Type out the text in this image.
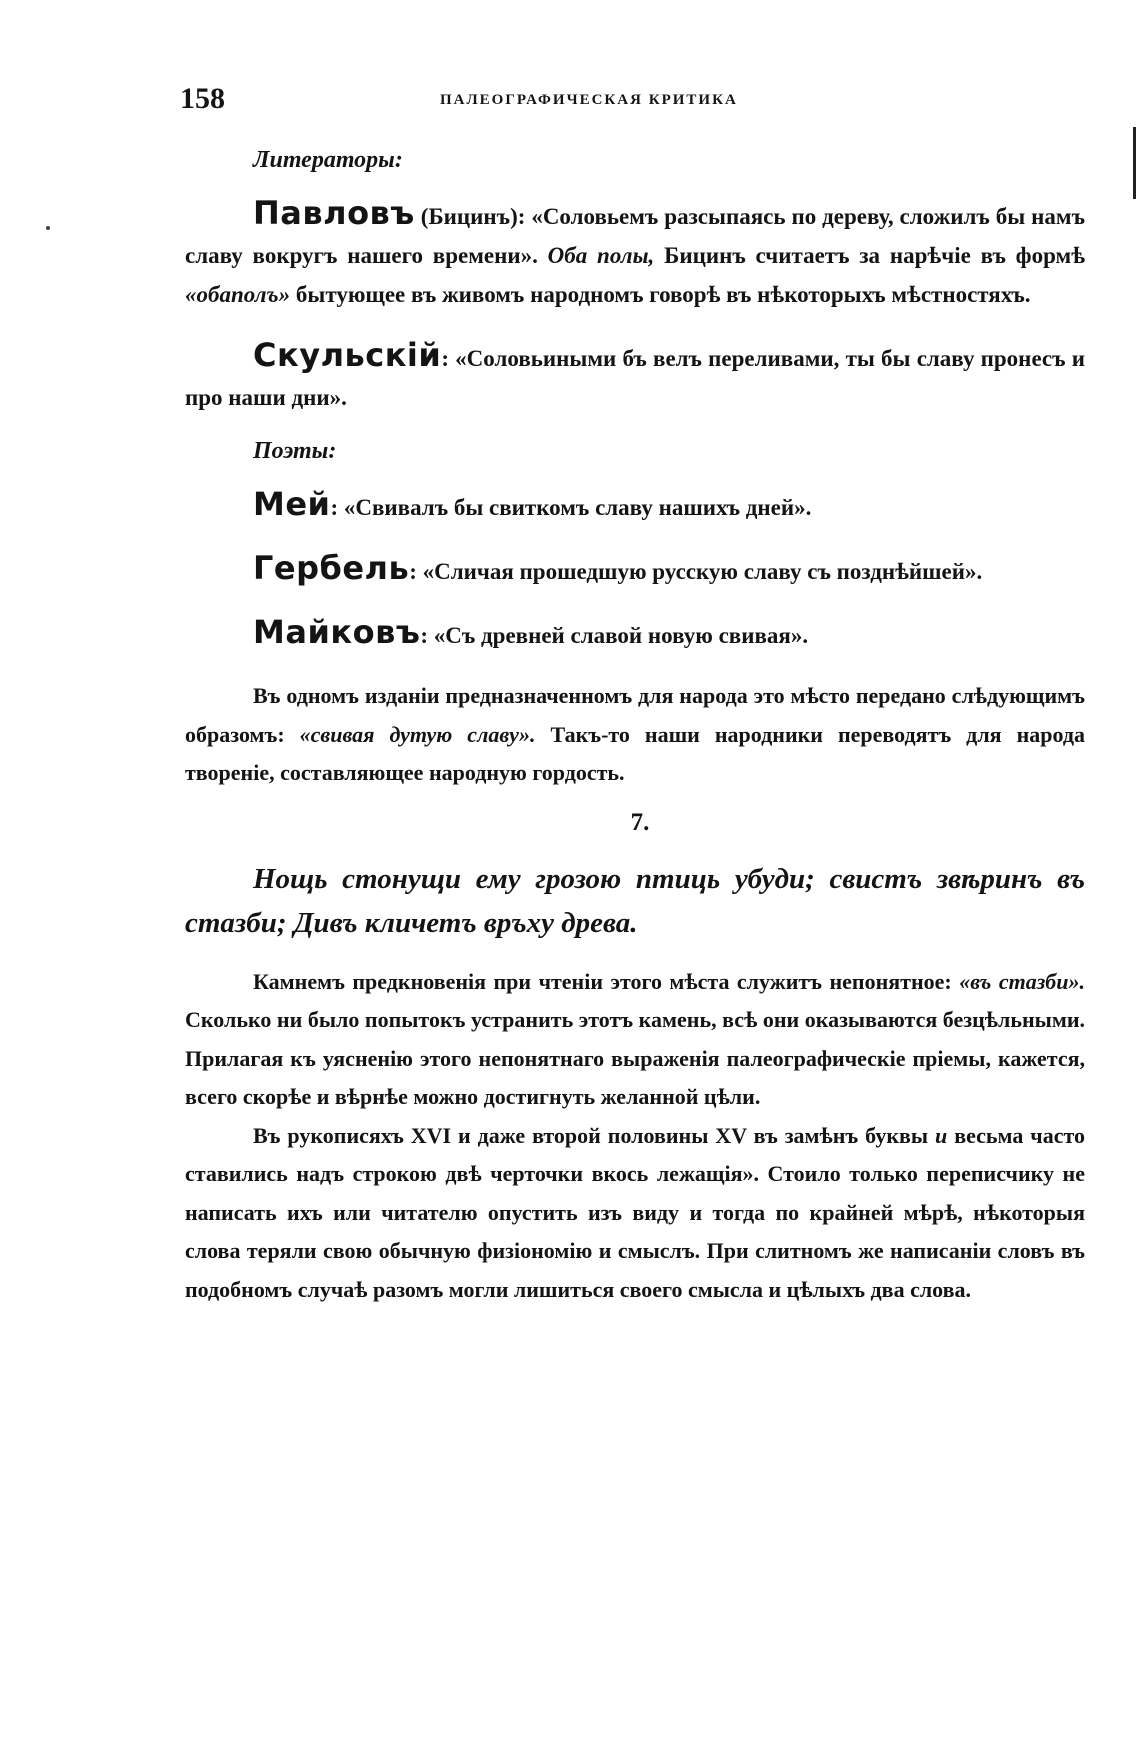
158	ПАЛЕОГРАФИЧЕСКАЯ КРИТИКА
Литераторы:

Павловъ (Бицинъ): «Соловьемъ разсыпаясь по дереву, сложилъ бы намъ славу вокругъ нашего времени». Оба полы, Бицинъ считаетъ за нарѣчіе въ формѣ «обаполъ» бытующее въ живомъ народномъ говорѣ въ нѣкоторыхъ мѣстностяхъ.

Скульскій: «Соловьиными бъ велъ переливами, ты бы славу пронесъ и про наши дни».

Поэты:

Мей: «Свивалъ бы свиткомъ славу нашихъ дней».

Гербель: «Сличая прошедшую русскую славу съ позднѣйшей».

Майковъ: «Съ древней славой новую свивая».

Въ одномъ изданіи предназначенномъ для народа это мѣсто передано слѣдующимъ образомъ: «свивая дутую славу». Такъ-то наши народники переводятъ для народа твореніе, составляющее народную гордость.

7.

Нощь стонущи ему грозою птиць убуди; свистъ звѣринъ въ стазби; Дивъ кличетъ връху древа.

Камнемъ предкновенія при чтеніи этого мѣста служитъ непонятное: «въ стазби». Сколько ни было попытокъ устранить этотъ камень, всѣ они оказываются безцѣльными. Прилагая къ уясненію этого непонятнаго выраженія палеографическіе пріемы, кажется, всего скорѣе и вѣрнѣе можно достигнуть желанной цѣли.

Въ рукописяхъ XVI и даже второй половины XV въ замѣнъ буквы и весьма часто ставились надъ строкою двѣ черточки вкось лежащія». Стоило только переписчику не написать ихъ или читателю опустить изъ виду и тогда по крайней мѣрѣ, нѣкоторыя слова теряли свою обычную физіономію и смыслъ. При слитномъ же написаніи словъ въ подобномъ случаѣ разомъ могли лишиться своего смысла и цѣлыхъ два слова.
